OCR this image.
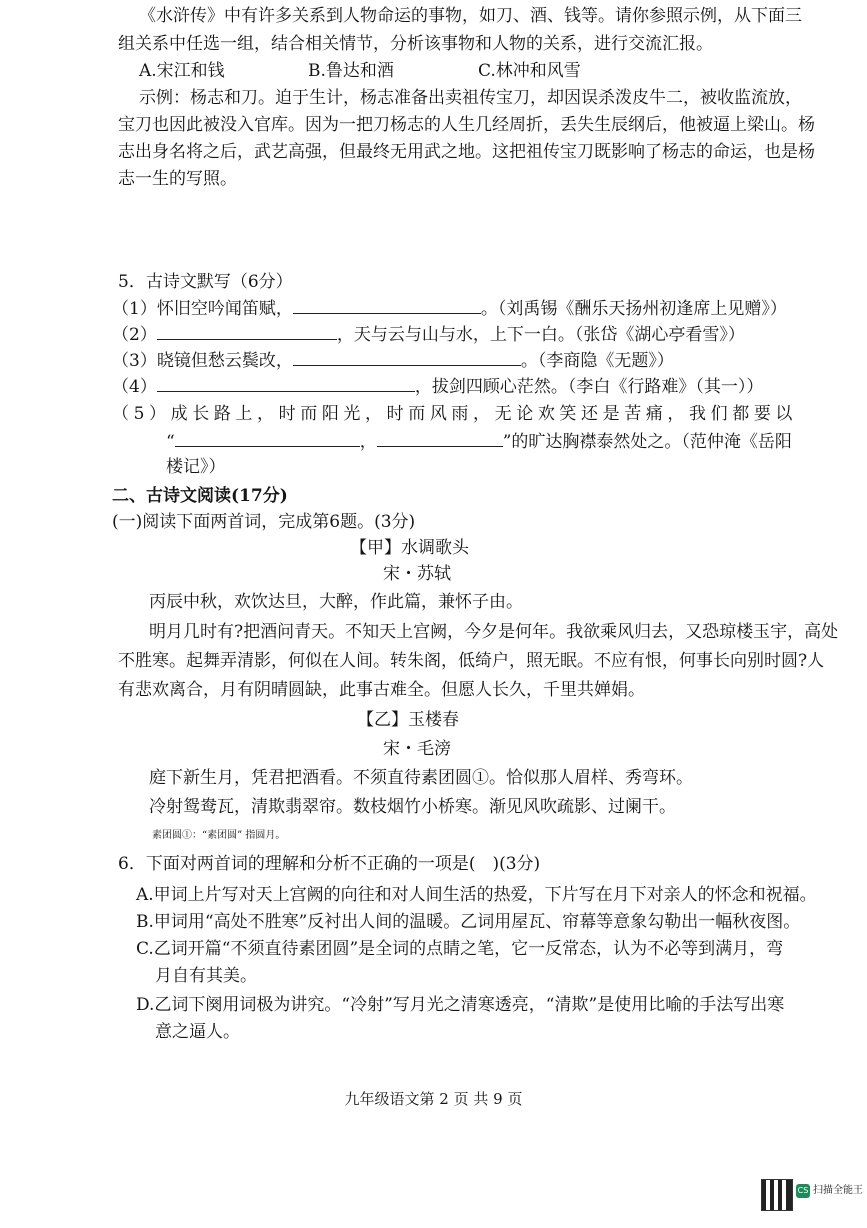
《水浒传》中有许多关系到人物命运的事物，如刀、酒、钱等。请你参照示例，从下面三
组关系中任选一组，结合相关情节，分析该事物和人物的关系，进行交流汇报。
A.宋江和钱	B.鲁达和酒	C.林冲和风雪
示例：杨志和刀。迫于生计，杨志准备出卖祖传宝刀，却因误杀泼皮牛二，被收监流放，
宝刀也因此被没入官库。因为一把刀杨志的人生几经周折，丢失生辰纲后，他被逼上梁山。杨
志出身名将之后，武艺高强，但最终无用武之地。这把祖传宝刀既影响了杨志的命运，也是杨
志一生的写照。
5．古诗文默写（6分）
（1）怀旧空吟闻笛赋，	。（刘禹锡《酬乐天扬州初逢席上见赠》）
（2）	，天与云与山与水，上下一白。（张岱《湖心亭看雪》）
（3）晓镜但愁云鬓改，	。（李商隐《无题》）
（4）	，拔剑四顾心茫然。（李白《行路难》（其一））
（5）成长路上，时而阳光，时而风雨，无论欢笑还是苦痛，我们都要以
“	，	”的旷达胸襟泰然处之。（范仲淹《岳阳
楼记》）
二、古诗文阅读(17分)
(一)阅读下面两首词，完成第6题。(3分)
【甲】水调歌头
宋・苏轼
丙辰中秋，欢饮达旦，大醉，作此篇，兼怀子由。
明月几时有?把酒问青天。不知天上宫阙，今夕是何年。我欲乘风归去，又恐琼楼玉宇，高处
不胜寒。起舞弄清影，何似在人间。转朱阁，低绮户，照无眠。不应有恨，何事长向别时圆?人
有悲欢离合，月有阴晴圆缺，此事古难全。但愿人长久，千里共婵娟。
【乙】玉楼春
宋・毛滂
庭下新生月，凭君把酒看。不须直待素团圆①。恰似那人眉样、秀弯环。
冷射鸳鸯瓦，清欺翡翠帘。数枝烟竹小桥寒。渐见风吹疏影、过阑干。
素团圆①：“素团圆” 指圆月。
6．下面对两首词的理解和分析不正确的一项是(　)(3分)
A.甲词上片写对天上宫阙的向往和对人间生活的热爱，下片写在月下对亲人的怀念和祝福。
B.甲词用“高处不胜寒”反衬出人间的温暖。乙词用屋瓦、帘幕等意象勾勒出一幅秋夜图。
C.乙词开篇“不须直待素团圆”是全词的点睛之笔，它一反常态，认为不必等到满月，弯
月自有其美。
D.乙词下阕用词极为讲究。“冷射”写月光之清寒透亮，“清欺”是使用比喻的手法写出寒
意之逼人。
九年级语文第 2 页 共 9 页
CS 扫描全能王
